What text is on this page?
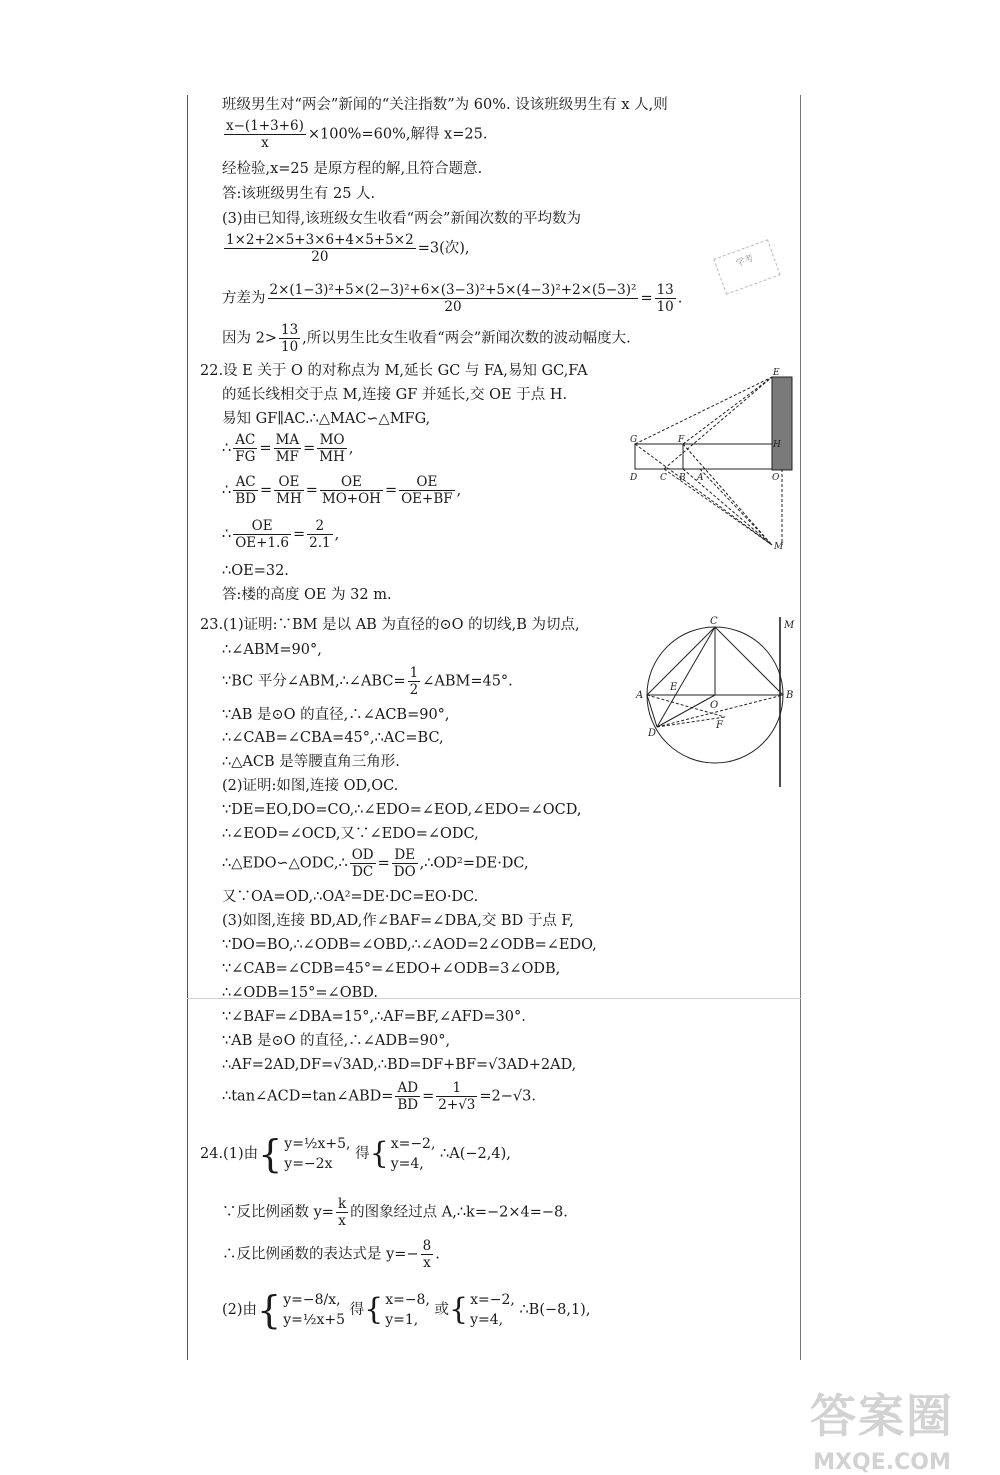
班级男生对“两会”新闻的“关注指数”为 60%. 设该班级男生有 x 人,则
$\frac{x-(1+3+6)}{x} \times 100\%=60\%$,解得 x=25.
经检验,x=25 是原方程的解,且符合题意.
答:该班级男生有 25 人.
(3)由已知得,该班级女生收看“两会”新闻次数的平均数为
$\frac{1\times 2+2\times 5+3\times 6+4\times 5+5\times 2}{20} =3$(次),
方差为 $\frac{\text{2×(1−3)²+5×(2−3)²+6×(3−3)²+5×(4−3)²+2×(5−3)²}}{20} = \frac{13}{10}$ .
因为 $2> \frac{13}{10}$ ,所以男生比女生收看“两会”新闻次数的波动幅度大.
学考
22.设 E 关于 O 的对称点为 M,延长 GC 与 FA,易知 GC,FA
的延长线相交于点 M,连接 GF 并延长,交 OE 于点 H.
易知 GF∥AC.∴△MAC∽△MFG,
∴ $\frac{AC}{FG} = \frac{MA}{MF} = \frac{MO}{MH}$ ,
∴ $\frac{AC}{BD} = \frac{OE}{MH} = \frac{OE}{MO+OH} = \frac{OE}{OE+BF}$ ,
∴ $\frac{OE}{OE+1.6} = \frac{2}{2.1}$ ,
∴OE=32.
答:楼的高度 OE 为 32 m.
E
G	F	H
D	C B A	O
M
23.(1)证明:∵BM 是以 AB 为直径的⊙O 的切线,B 为切点,
∴∠ABM=90°,
∵BC 平分∠ABM,∴∠ABC= $\frac{1}{2}$ ∠ABM=45°.
∵AB 是⊙O 的直径,∴∠ACB=90°,
∴∠CAB=∠CBA=45°,∴AC=BC,
∴△ACB 是等腰直角三角形.
(2)证明:如图,连接 OD,OC.
∵DE=EO,DO=CO,∴∠EDO=∠EOD,∠EDO=∠OCD,
∴∠EOD=∠OCD,又∵∠EDO=∠ODC,
∴△EDO∽△ODC,∴ $\frac{OD}{DC} = \frac{DE}{DO}$ ,∴OD²=DE·DC,
又∵OA=OD,∴OA²=DE·DC=EO·DC.
(3)如图,连接 BD,AD,作∠BAF=∠DBA,交 BD 于点 F,
∵DO=BO,∴∠ODB=∠OBD,∴∠AOD=2∠ODB=∠EDO,
∵∠CAB=∠CDB=45°=∠EDO+∠ODB=3∠ODB,
∴∠ODB=15°=∠OBD.
∵∠BAF=∠DBA=15°,∴AF=BF,∠AFD=30°.
∵AB 是⊙O 的直径,∴∠ADB=90°,
∴AF=2AD,DF=√3AD,∴BD=DF+BF=√3AD+2AD,
∴tan∠ACD=tan∠ABD= $\frac{AD}{BD} = \frac{1}{2+√3} =2-√3$.
C	M
A
E
O
B
D
F
24.(1)由{ y=½x+5,
y=−2x
得{ x=−2,
y=4,
∴A(−2,4),
∵反比例函数 $y= \frac{k}{x}$ 的图象经过点 A,∴k=−2×4=−8.
∴反比例函数的表达式是 $y=- \frac{8}{x}$ .
(2)由{ y=−8/x,
y=½x+5
得{ x=−8,
y=1,
或{ x=−2,
y=4,
∴B(−8,1),
答案圈
MXQE.COM
